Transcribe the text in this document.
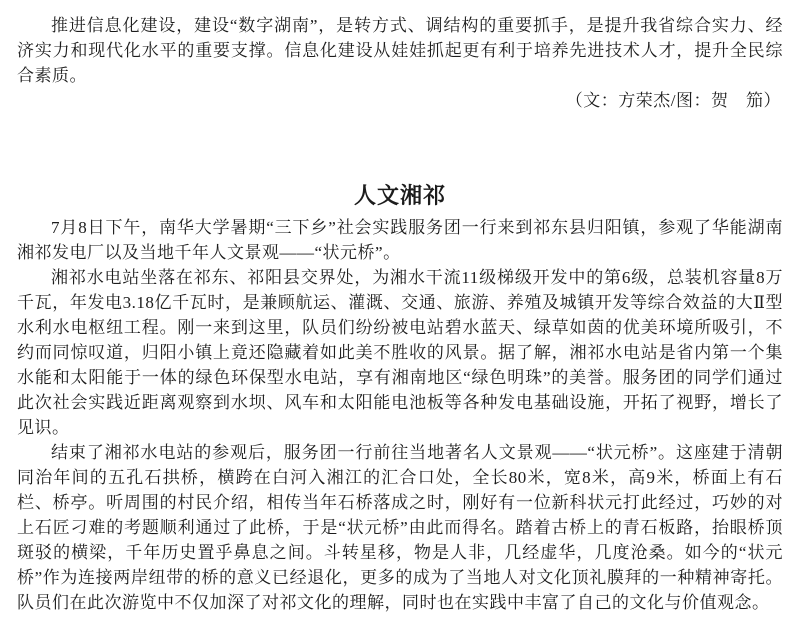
推进信息化建设，建设“数字湖南”，是转方式、调结构的重要抓手，是提升我省综合实力、经济实力和现代化水平的重要支撑。信息化建设从娃娃抓起更有利于培养先进技术人才，提升全民综合素质。

（文：方荣杰/图：贺　笳）

人文湘祁

7月8日下午，南华大学暑期“三下乡”社会实践服务团一行来到祁东县归阳镇，参观了华能湖南湘祁发电厂以及当地千年人文景观——“状元桥”。

湘祁水电站坐落在祁东、祁阳县交界处，为湘水干流11级梯级开发中的第6级，总装机容量8万千瓦，年发电3.18亿千瓦时，是兼顾航运、灌溉、交通、旅游、养殖及城镇开发等综合效益的大Ⅱ型水利水电枢纽工程。刚一来到这里，队员们纷纷被电站碧水蓝天、绿草如茵的优美环境所吸引，不约而同惊叹道，归阳小镇上竟还隐藏着如此美不胜收的风景。据了解，湘祁水电站是省内第一个集水能和太阳能于一体的绿色环保型水电站，享有湘南地区“绿色明珠”的美誉。服务团的同学们通过此次社会实践近距离观察到水坝、风车和太阳能电池板等各种发电基础设施，开拓了视野，增长了见识。

结束了湘祁水电站的参观后，服务团一行前往当地著名人文景观——“状元桥”。这座建于清朝同治年间的五孔石拱桥，横跨在白河入湘江的汇合口处，全长80米，宽8米，高9米，桥面上有石栏、桥亭。听周围的村民介绍，相传当年石桥落成之时，刚好有一位新科状元打此经过，巧妙的对上石匠刁难的考题顺利通过了此桥，于是“状元桥”由此而得名。踏着古桥上的青石板路，抬眼桥顶斑驳的横梁，千年历史置乎鼻息之间。斗转星移，物是人非，几经虚华，几度沧桑。如今的“状元桥”作为连接两岸纽带的桥的意义已经退化，更多的成为了当地人对文化顶礼膜拜的一种精神寄托。队员们在此次游览中不仅加深了对祁文化的理解，同时也在实践中丰富了自己的文化与价值观念。
